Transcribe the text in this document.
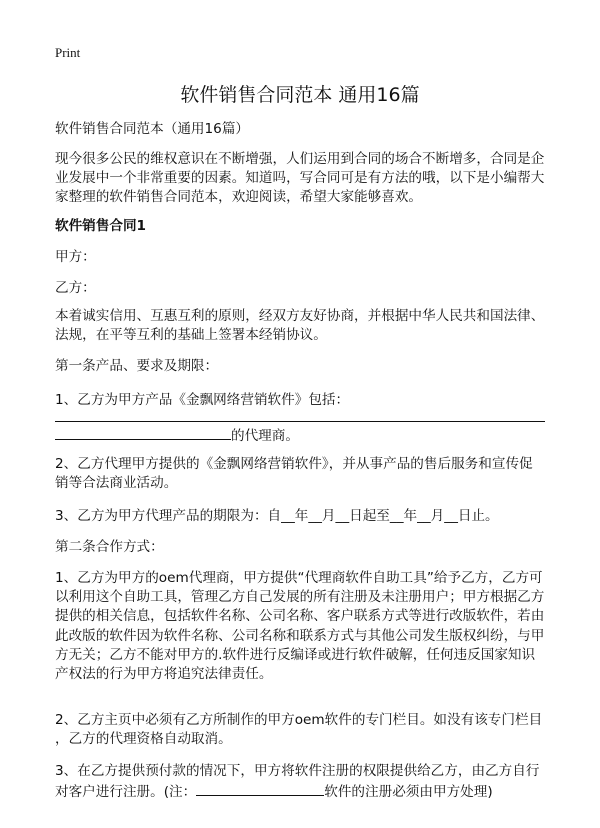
Print
软件销售合同范本 通用16篇
软件销售合同范本（通用16篇）
现今很多公民的维权意识在不断增强，人们运用到合同的场合不断增多，合同是企
业发展中一个非常重要的因素。知道吗，写合同可是有方法的哦，以下是小编帮大
家整理的软件销售合同范本，欢迎阅读，希望大家能够喜欢。
软件销售合同1
甲方：
乙方：
本着诚实信用、互惠互利的原则，经双方友好协商，并根据中华人民共和国法律、
法规，在平等互利的基础上签署本经销协议。
第一条产品、要求及期限：
1、乙方为甲方产品《金飘网络营销软件》包括：
的代理商。
2、乙方代理甲方提供的《金飘网络营销软件》，并从事产品的售后服务和宣传促
销等合法商业活动。
3、乙方为甲方代理产品的期限为：自__年__月__日起至__年__月__日止。
第二条合作方式：
1、乙方为甲方的oem代理商，甲方提供“代理商软件自助工具”给予乙方，乙方可
以利用这个自助工具，管理乙方自己发展的所有注册及未注册用户；甲方根据乙方
提供的相关信息，包括软件名称、公司名称、客户联系方式等进行改版软件，若由
此改版的软件因为软件名称、公司名称和联系方式与其他公司发生版权纠纷，与甲
方无关；乙方不能对甲方的.软件进行反编译或进行软件破解，任何违反国家知识
产权法的行为甲方将追究法律责任。
2、乙方主页中必须有乙方所制作的甲方oem软件的专门栏目。如没有该专门栏目
，乙方的代理资格自动取消。
3、在乙方提供预付款的情况下，甲方将软件注册的权限提供给乙方，由乙方自行
对客户进行注册。(注：	软件的注册必须由甲方处理)
